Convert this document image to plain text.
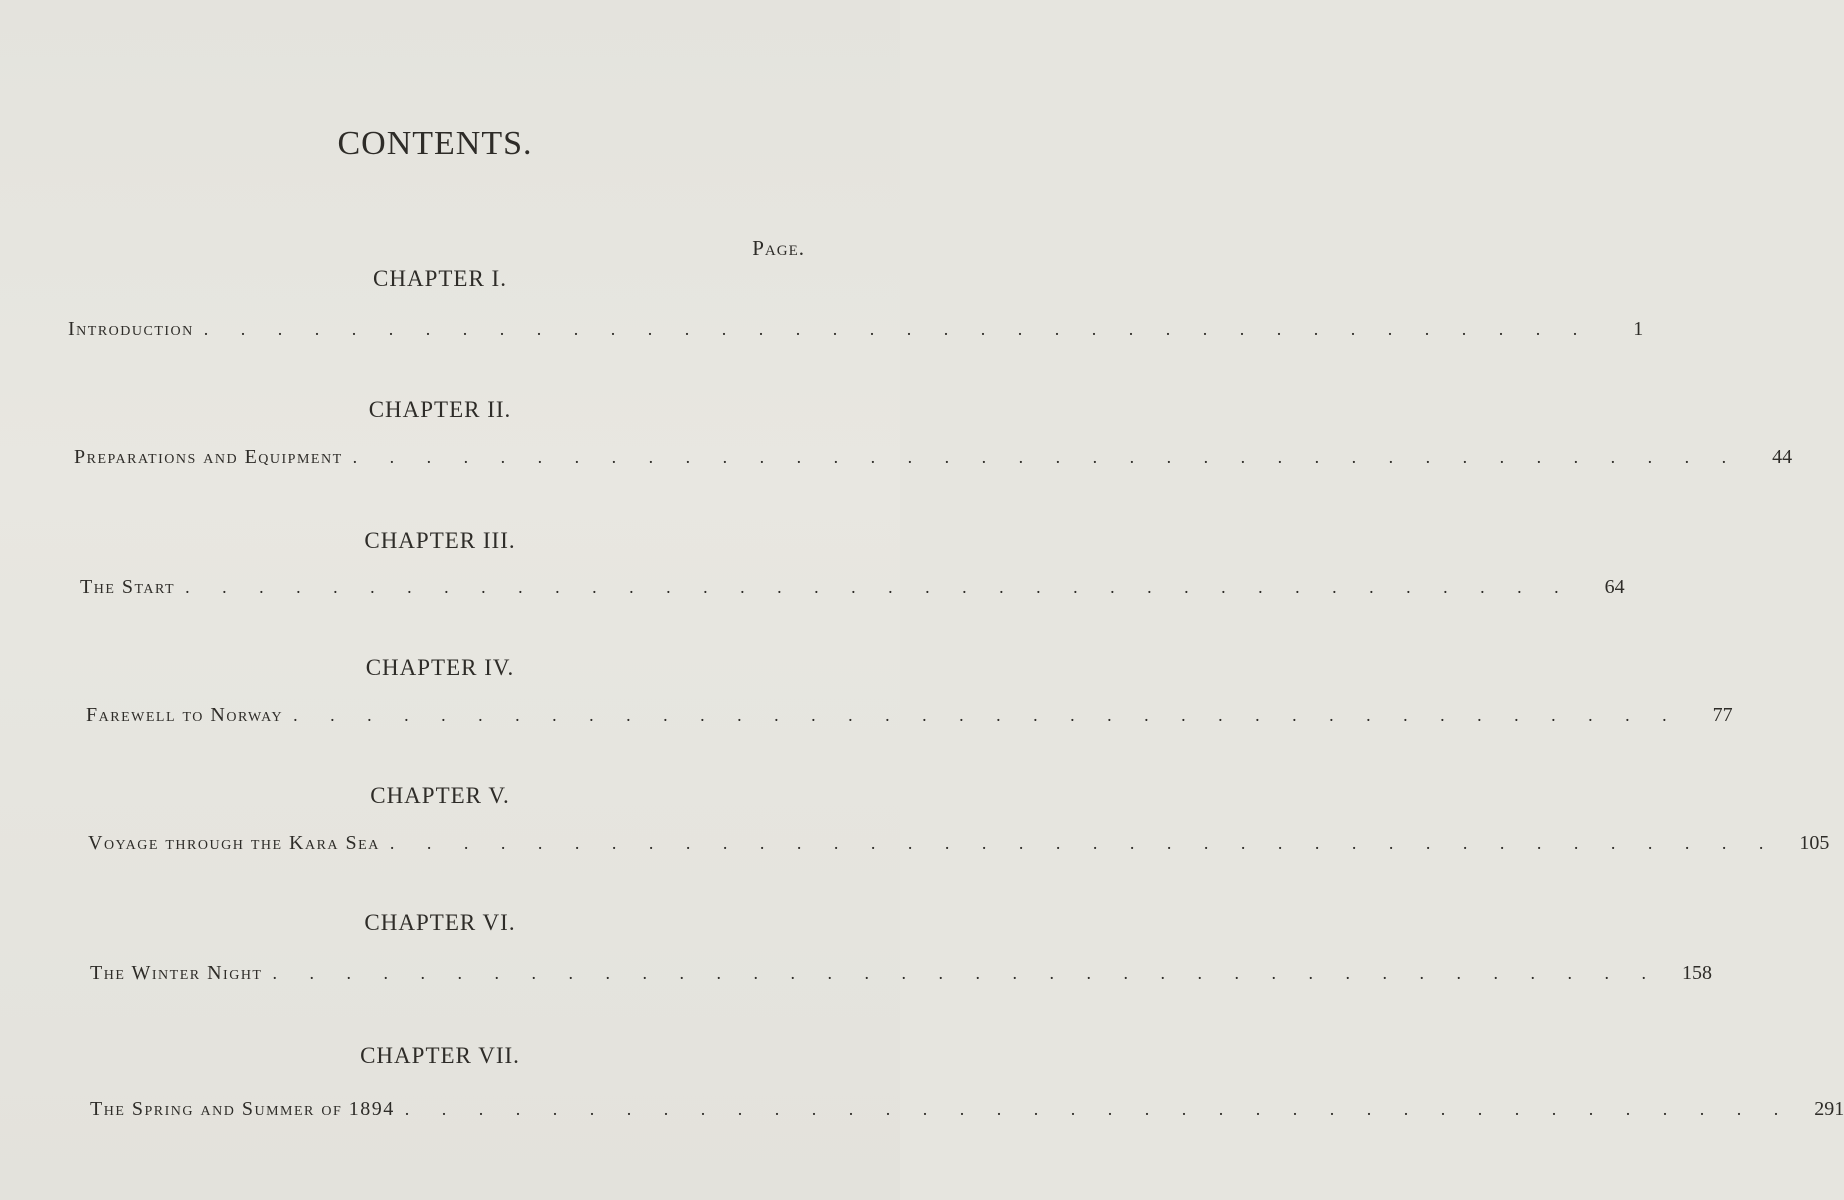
CONTENTS.
Page.
CHAPTER I.
Introduction . . . . . . . . . . . . . . . . . . . . . . . . . . . . . . . . . . . . . .	1
CHAPTER II.
Preparations and Equipment . . . . . . . . . . . . . . . . . . . . . . . . . . . . . . . . . . . . . .	44
CHAPTER III.
The Start . . . . . . . . . . . . . . . . . . . . . . . . . . . . . . . . . . . . . .	64
CHAPTER IV.
Farewell to Norway . . . . . . . . . . . . . . . . . . . . . . . . . . . . . . . . . . . . . .	77
CHAPTER V.
Voyage through the Kara Sea . . . . . . . . . . . . . . . . . . . . . . . . . . . . . . . . . . . . . .	105
CHAPTER VI.
The Winter Night . . . . . . . . . . . . . . . . . . . . . . . . . . . . . . . . . . . . . .	158
CHAPTER VII.
The Spring and Summer of 1894 . . . . . . . . . . . . . . . . . . . . . . . . . . . . . . . . . . . . . .	291
